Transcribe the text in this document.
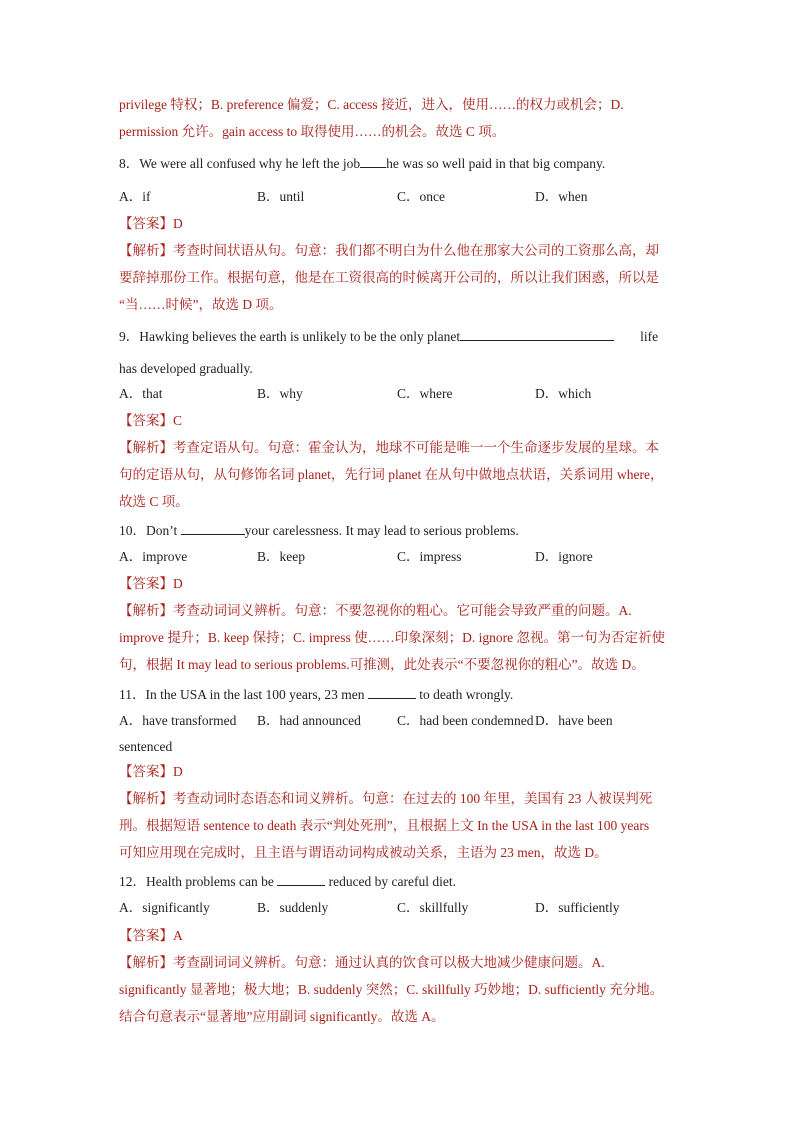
privilege 特权；B. preference 偏爱；C. access 接近，进入，使用……的权力或机会；D.
permission 允许。gain access to 取得使用……的机会。故选 C 项。
8．We were all confused why he left the job he was so well paid in that big company.
A．if	B．until	C．once	D．when
【答案】D
【解析】考查时间状语从句。句意：我们都不明白为什么他在那家大公司的工资那么高，却
要辞掉那份工作。根据句意，他是在工资很高的时候离开公司的，所以让我们困惑，所以是
“当……时候”，故选 D 项。
9．Hawking believes the earth is unlikely to be the only planet	life
has developed gradually.
A．that	B．why	C．where	D．which
【答案】C
【解析】考查定语从句。句意：霍金认为，地球不可能是唯一一个生命逐步发展的星球。本
句的定语从句，从句修饰名词 planet，先行词 planet 在从句中做地点状语，关系词用 where，
故选 C 项。
10．Don’t	your carelessness. It may lead to serious problems.
A．improve	B．keep	C．impress	D．ignore
【答案】D
【解析】考查动词词义辨析。句意：不要忽视你的粗心。它可能会导致严重的问题。A.
improve 提升；B. keep 保持；C. impress 使……印象深刻；D. ignore 忽视。第一句为否定祈使
句，根据 It may lead to serious problems.可推测，此处表示“不要忽视你的粗心”。故选 D。
11．In the USA in the last 100 years, 23 men	to death wrongly.
A．have transformed B．had announced	C．had been condemned D．have been
sentenced
【答案】D
【解析】考查动词时态语态和词义辨析。句意：在过去的 100 年里，美国有 23 人被误判死
刑。根据短语 sentence to death 表示“判处死刑”，且根据上文 In the USA in the last 100 years
可知应用现在完成时，且主语与谓语动词构成被动关系，主语为 23 men，故选 D。
12．Health problems can be	reduced by careful diet.
A．significantly	B．suddenly	C．skillfully	D．sufficiently
【答案】A
【解析】考查副词词义辨析。句意：通过认真的饮食可以极大地减少健康问题。A.
significantly 显著地；极大地；B. suddenly 突然；C. skillfully 巧妙地；D. sufficiently 充分地。
结合句意表示“显著地”应用副词 significantly。故选 A。
